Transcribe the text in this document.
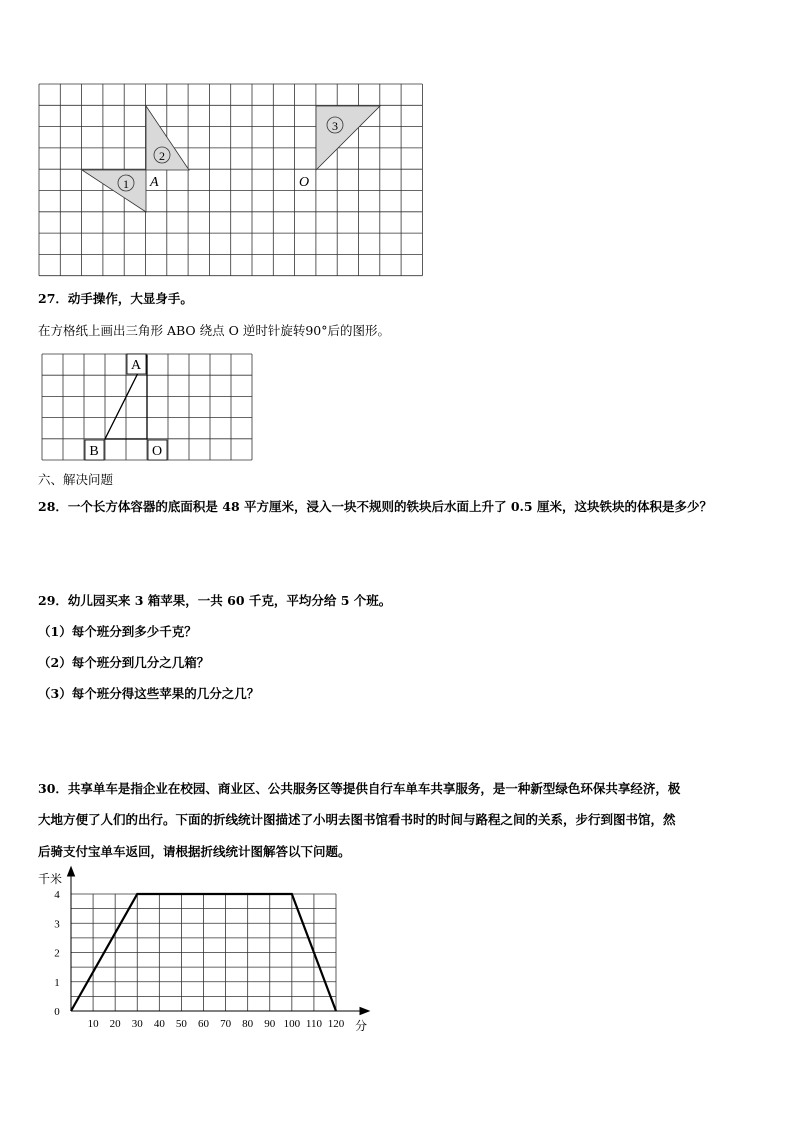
1
2
3
A	O
27．动手操作，大显身手。
在方格纸上画出三角形 ABO 绕点 O 逆时针旋转90°后的图形。
A
B	O
六、解决问题
28．一个长方体容器的底面积是 48 平方厘米，浸入一块不规则的铁块后水面上升了 0.5 厘米，这块铁块的体积是多少？
29．幼儿园买来 3 箱苹果，一共 60 千克，平均分给 5 个班。
（1）每个班分到多少千克？
（2）每个班分到几分之几箱？
（3）每个班分得这些苹果的几分之几？
30．共享单车是指企业在校园、商业区、公共服务区等提供自行车单车共享服务，是一种新型绿色环保共享经济，极
大地方便了人们的出行。下面的折线统计图描述了小明去图书馆看书时的时间与路程之间的关系，步行到图书馆，然
后骑支付宝单车返回，请根据折线统计图解答以下问题。
10 20 30 40 50 60 70 80 90 100 110 120
0
1
2
3
4
千米
分
